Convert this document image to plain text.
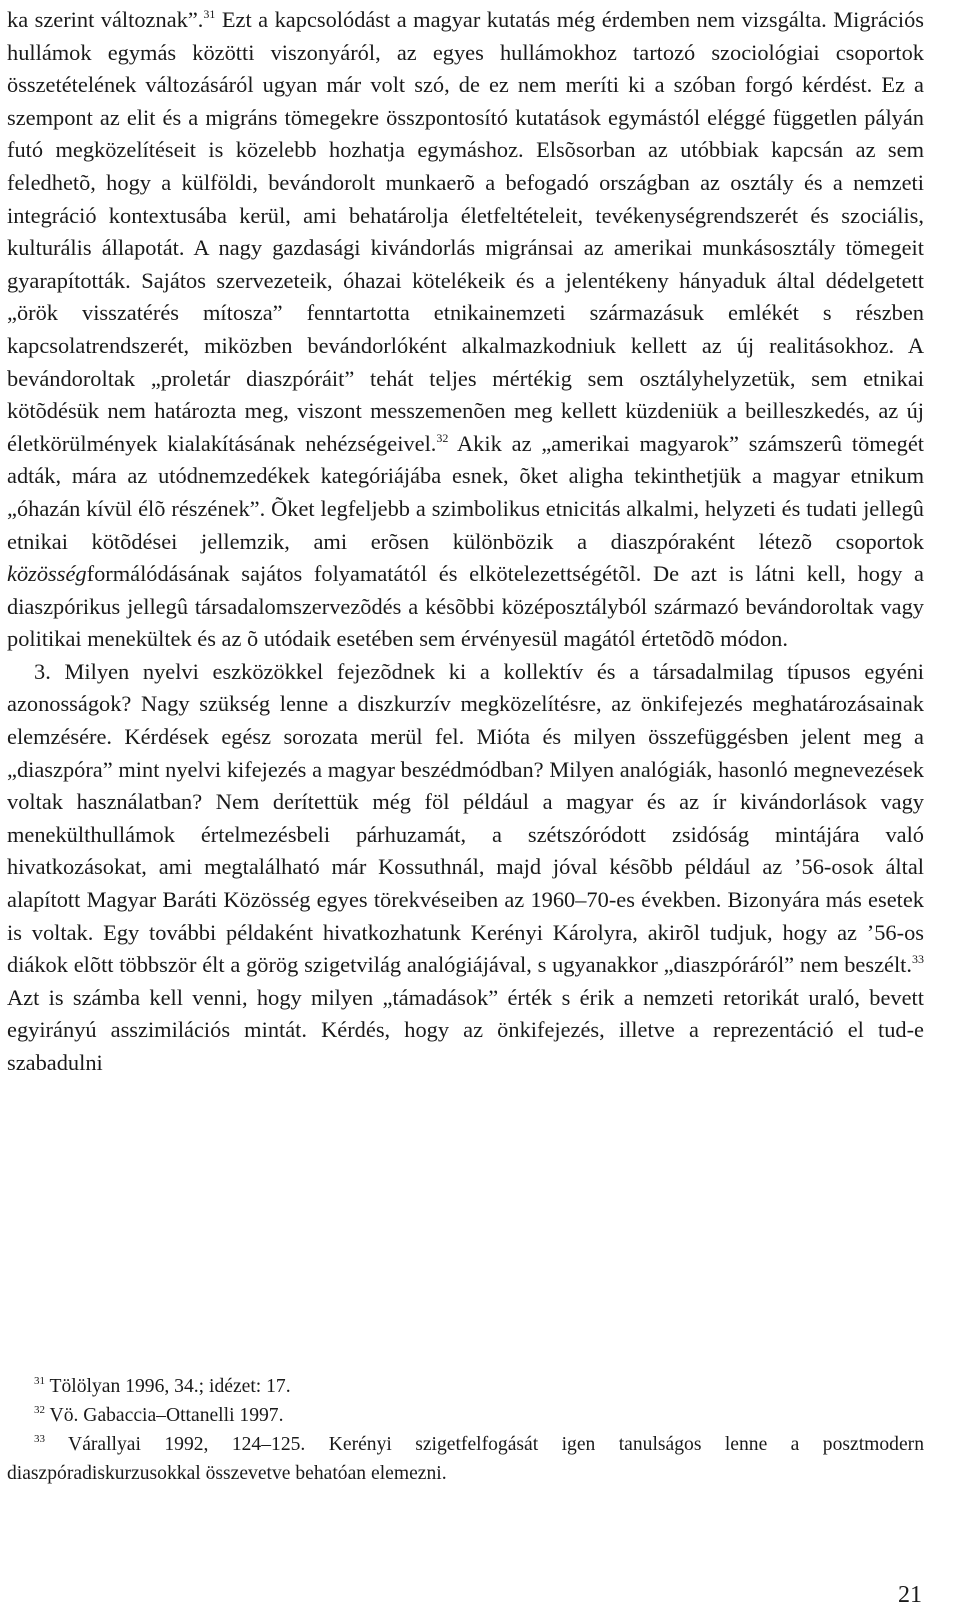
ka szerint változnak”.$^{31}$ Ezt a kapcsolódást a magyar kutatás még érdemben nem vizsgálta. Migrációs hullámok egymás közötti viszonyáról, az egyes hullámokhoz tartozó szociológiai csoportok összetételének változásáról ugyan már volt szó, de ez nem meríti ki a szóban forgó kérdést. Ez a szempont az elit és a migráns tömegekre összpontosító kutatások egymástól eléggé független pályán futó megközelítéseit is közelebb hozhatja egymáshoz. Elsõsorban az utóbbiak kapcsán az sem feledhetõ, hogy a külföldi, bevándorolt munkaerõ a befogadó országban az osztály és a nemzeti integráció kontextusába kerül, ami behatárolja életfeltételeit, tevékenységrendszerét és szociális, kulturális állapotát. A nagy gazdasági kivándorlás migránsai az amerikai munkásosztály tömegeit gyarapították. Sajátos szervezeteik, óhazai kötelékeik és a jelentékeny hányaduk által dédelgetett „örök visszatérés mítosza” fenntartotta etnikainemzeti származásuk emlékét s részben kapcsolatrendszerét, miközben bevándorlóként alkalmazkodniuk kellett az új realitásokhoz. A bevándoroltak „proletár diaszpóráit” tehát teljes mértékig sem osztályhelyzetük, sem etnikai kötõdésük nem határozta meg, viszont messzemenõen meg kellett küzdeniük a beilleszkedés, az új életkörülmények kialakításának nehézségeivel.$^{32}$ Akik az „amerikai magyarok” számszerû tömegét adták, mára az utódnemzedékek kategóriájába esnek, õket aligha tekinthetjük a magyar etnikum „óhazán kívül élõ részének”. Õket legfeljebb a szimbolikus etnicitás alkalmi, helyzeti és tudati jellegû etnikai kötõdései jellemzik, ami erõsen különbözik a diaszpóraként létezõ csoportok közösségformálódásának sajátos folyamatától és elkötelezettségétõl. De azt is látni kell, hogy a diaszpórikus jellegû társadalomszervezõdés a késõbbi középosztályból származó bevándoroltak vagy politikai menekültek és az õ utódaik esetében sem érvényesül magától értetõdõ módon.

3. Milyen nyelvi eszközökkel fejezõdnek ki a kollektív és a társadalmilag típusos egyéni azonosságok? Nagy szükség lenne a diszkurzív megközelítésre, az önkifejezés meghatározásainak elemzésére. Kérdések egész sorozata merül fel. Mióta és milyen összefüggésben jelent meg a „diaszpóra” mint nyelvi kifejezés a magyar beszédmódban? Milyen analógiák, hasonló megnevezések voltak használatban? Nem derítettük még föl például a magyar és az ír kivándorlások vagy menekülthullámok értelmezésbeli párhuzamát, a szétszóródott zsidóság mintájára való hivatkozásokat, ami megtalálható már Kossuthnál, majd jóval késõbb például az ’56-osok által alapított Magyar Baráti Közösség egyes törekvéseiben az 1960–70-es években. Bizonyára más esetek is voltak. Egy további példaként hivatkozhatunk Kerényi Károlyra, akirõl tudjuk, hogy az ’56-os diákok elõtt többször élt a görög szigetvilág analógiájával, s ugyanakkor „diaszpóráról” nem beszélt.$^{33}$ Azt is számba kell venni, hogy milyen „támadások” érték s érik a nemzeti retorikát uraló, bevett egyirányú asszimilációs mintát. Kérdés, hogy az önkifejezés, illetve a reprezentáció el tud-e szabadulni

$^{31}$ Tölölyan 1996, 34.; idézet: 17.

$^{32}$ Vö. Gabaccia–Ottanelli 1997.

$^{33}$ Várallyai 1992, 124–125. Kerényi szigetfelfogását igen tanulságos lenne a posztmodern diaszpóradiskurzusokkal összevetve behatóan elemezni.

21
